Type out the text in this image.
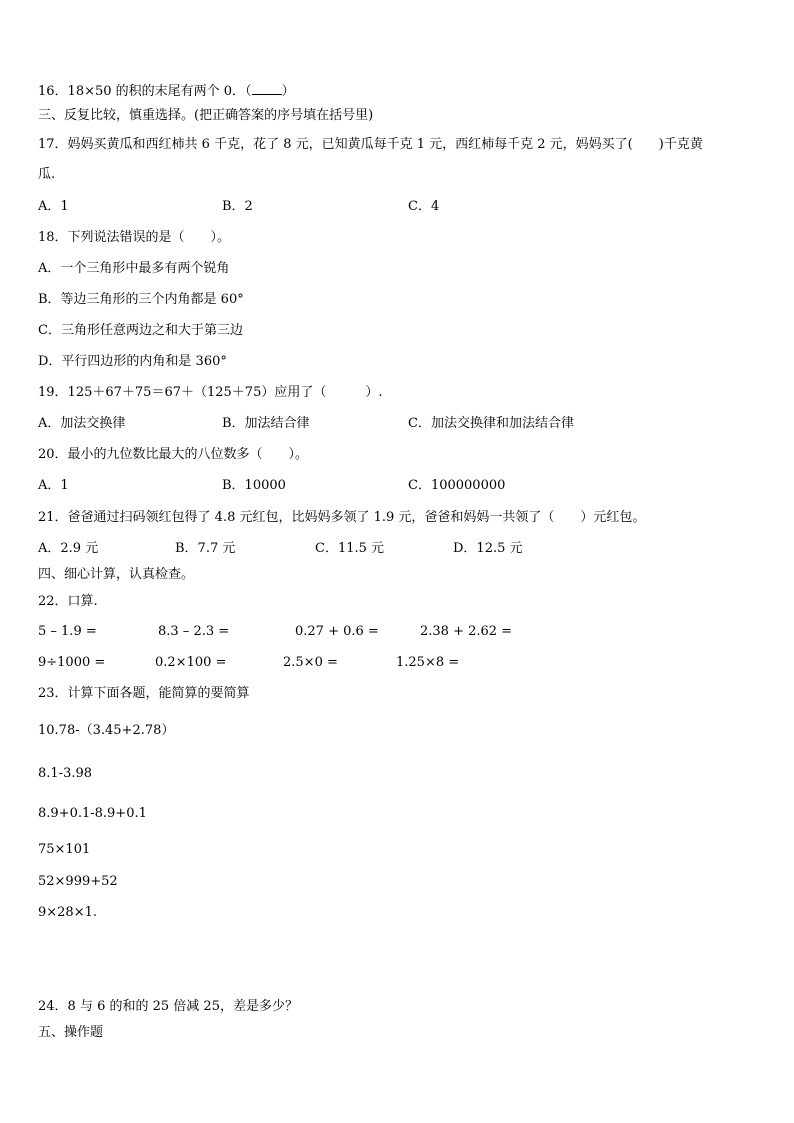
16．18×50 的积的末尾有两个 0．（ ）
三、反复比较，慎重选择。(把正确答案的序号填在括号里)
17．妈妈买黄瓜和西红柿共 6 千克，花了 8 元，已知黄瓜每千克 1 元，西红柿每千克 2 元，妈妈买了(　　)千克黄
瓜.
A．1	B．2	C．4
18．下列说法错误的是（　　）。
A．一个三角形中最多有两个锐角
B．等边三角形的三个内角都是 60°
C．三角形任意两边之和大于第三边
D．平行四边形的内角和是 360°
19．125＋67＋75＝67＋（125＋75）应用了（　　　）.
A．加法交换律	B．加法结合律	C．加法交换律和加法结合律
20．最小的九位数比最大的八位数多（　　）。
A．1	B．10000	C．100000000
21．爸爸通过扫码领红包得了 4.8 元红包，比妈妈多领了 1.9 元，爸爸和妈妈一共领了（　　）元红包。
A．2.9 元	B．7.7 元	C．11.5 元	D．12.5 元
四、细心计算，认真检查。
22．口算.
5 – 1.9 =	8.3 – 2.3 =	0.27 + 0.6 =	2.38 + 2.62 =
9÷1000 =	0.2×100 =	2.5×0 =	1.25×8 =
23．计算下面各题，能简算的要简算
10.78-（3.45+2.78）
8.1-3.98
8.9+0.1-8.9+0.1
75×101
52×999+52
9×28×1.
24．8 与 6 的和的 25 倍减 25，差是多少？
五、操作题
